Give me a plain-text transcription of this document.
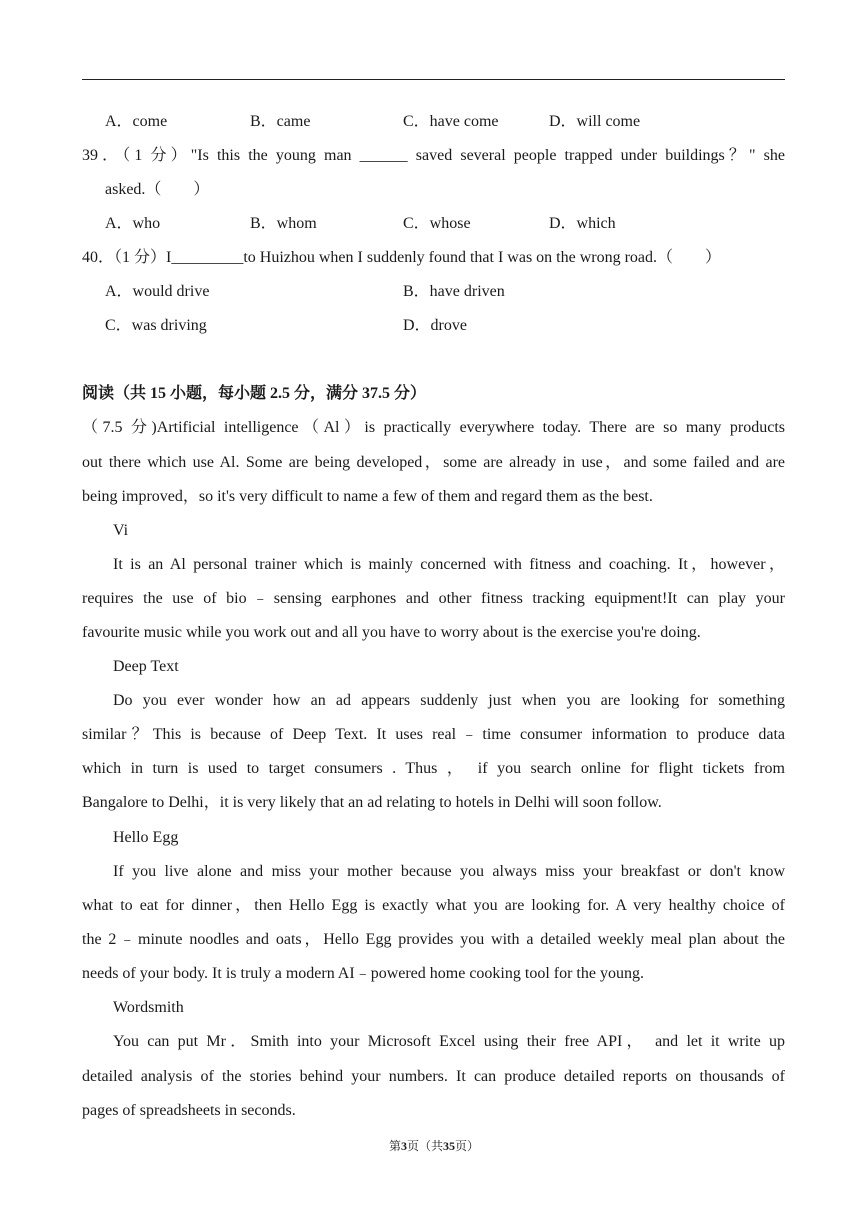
A．come	B．came	C．have come	D．will come
39．（1 分）"Is this the young man ______ saved several people trapped under buildings？" she
asked.（　　）
A．who	B．whom	C．whose	D．which
40．（1 分）I_________to Huizhou when I suddenly found that I was on the wrong road.（　　）
A．would drive	B．have driven
C．was driving	D．drove
阅读（共 15 小题，每小题 2.5 分，满分 37.5 分）
（7.5 分)Artificial intelligence（Al）is practically everywhere today. There are so many products
out there which use Al. Some are being developed，some are already in use，and some failed and are
being improved，so it's very difficult to name a few of them and regard them as the best.
Vi
It is an Al personal trainer which is mainly concerned with fitness and coaching. It，however，
requires the use of bio﹣sensing earphones and other fitness tracking equipment!It can play your
favourite music while you work out and all you have to worry about is the exercise you're doing.
Deep Text
Do you ever wonder how an ad appears suddenly just when you are looking for something
similar？This is because of Deep Text. It uses real﹣time consumer information to produce data
which in turn is used to target consumers . Thus ， if you search online for flight tickets from
Bangalore to Delhi，it is very likely that an ad relating to hotels in Delhi will soon follow.
Hello Egg
If you live alone and miss your mother because you always miss your breakfast or don't know
what to eat for dinner，then Hello Egg is exactly what you are looking for. A very healthy choice of
the 2﹣minute noodles and oats，Hello Egg provides you with a detailed weekly meal plan about the
needs of your body. It is truly a modern AI﹣powered home cooking tool for the young.
Wordsmith
You can put Mr．Smith into your Microsoft Excel using their free API， and let it write up
detailed analysis of the stories behind your numbers. It can produce detailed reports on thousands of
pages of spreadsheets in seconds.
第3页（共35页）
